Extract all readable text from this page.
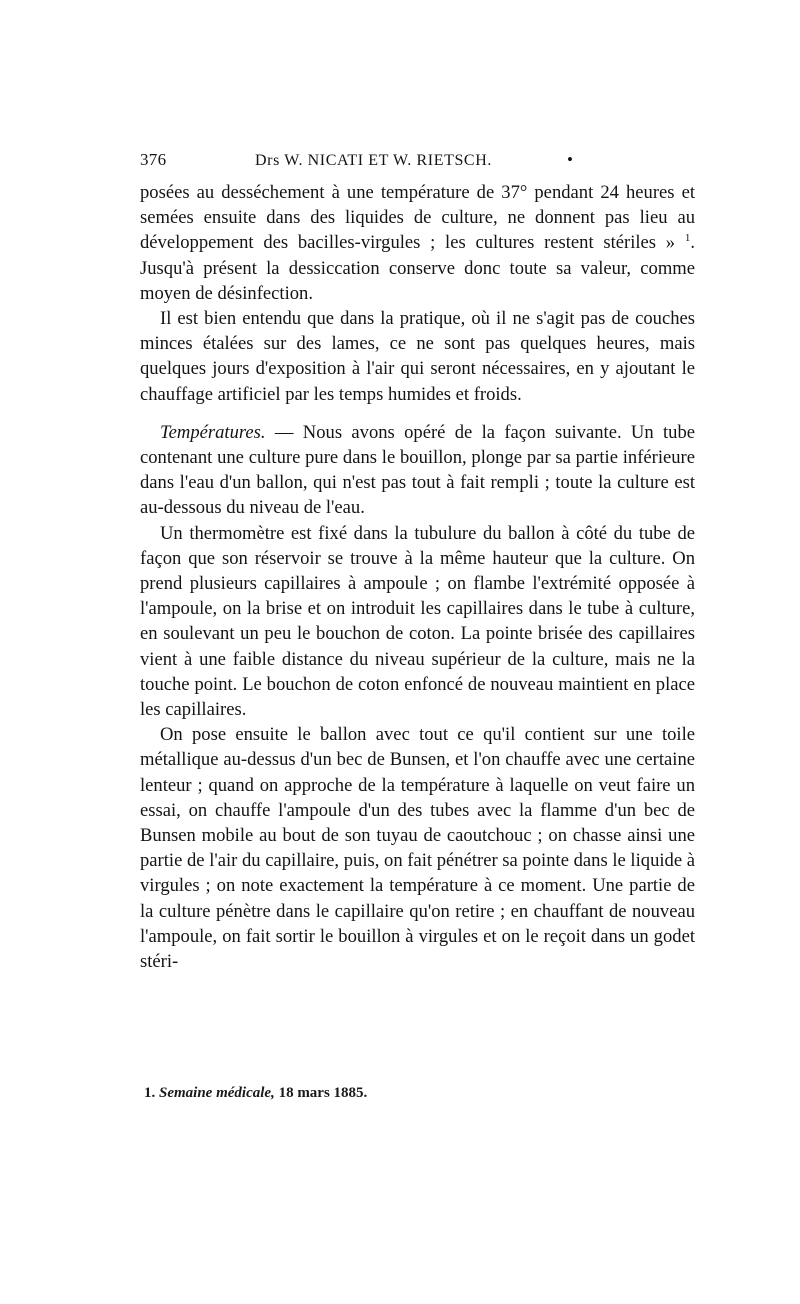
376	Drs W. NICATI ET W. RIETSCH.	•

posées au desséchement à une température de 37° pendant 24 heures et semées ensuite dans des liquides de culture, ne donnent pas lieu au développement des bacilles-virgules ; les cultures restent stériles » $^1$. Jusqu'à présent la dessiccation conserve donc toute sa valeur, comme moyen de désinfection.

Il est bien entendu que dans la pratique, où il ne s'agit pas de couches minces étalées sur des lames, ce ne sont pas quelques heures, mais quelques jours d'exposition à l'air qui seront nécessaires, en y ajoutant le chauffage artificiel par les temps humides et froids.

Températures. — Nous avons opéré de la façon suivante. Un tube contenant une culture pure dans le bouillon, plonge par sa partie inférieure dans l'eau d'un ballon, qui n'est pas tout à fait rempli ; toute la culture est au-dessous du niveau de l'eau.

Un thermomètre est fixé dans la tubulure du ballon à côté du tube de façon que son réservoir se trouve à la même hauteur que la culture. On prend plusieurs capillaires à ampoule ; on flambe l'extrémité opposée à l'ampoule, on la brise et on introduit les capillaires dans le tube à culture, en soulevant un peu le bouchon de coton. La pointe brisée des capillaires vient à une faible distance du niveau supérieur de la culture, mais ne la touche point. Le bouchon de coton enfoncé de nouveau maintient en place les capillaires.

On pose ensuite le ballon avec tout ce qu'il contient sur une toile métallique au-dessus d'un bec de Bunsen, et l'on chauffe avec une certaine lenteur ; quand on approche de la température à laquelle on veut faire un essai, on chauffe l'ampoule d'un des tubes avec la flamme d'un bec de Bunsen mobile au bout de son tuyau de caoutchouc ; on chasse ainsi une partie de l'air du capillaire, puis, on fait pénétrer sa pointe dans le liquide à virgules ; on note exactement la température à ce moment. Une partie de la culture pénètre dans le capillaire qu'on retire ; en chauffant de nouveau l'ampoule, on fait sortir le bouillon à virgules et on le reçoit dans un godet stéri-

1. Semaine médicale, 18 mars 1885.
